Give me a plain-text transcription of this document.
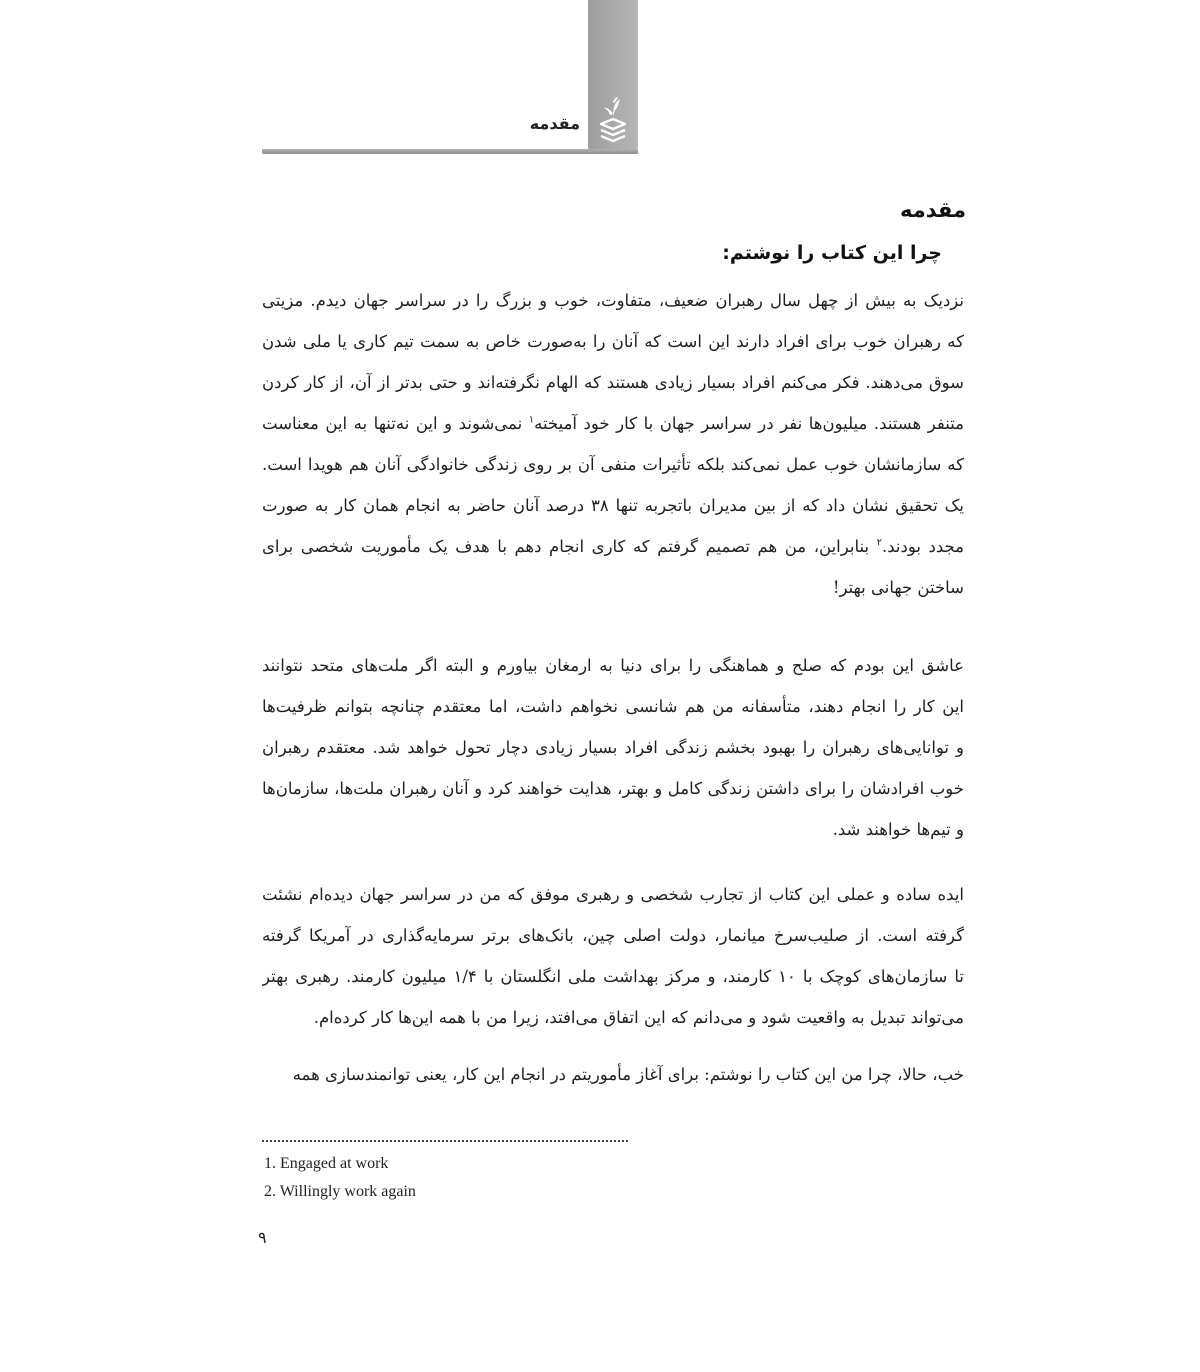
مقدمه
مقدمه
چرا این کتاب را نوشتم:
نزدیک به بیش از چهل سال رهبران ضعیف، متفاوت، خوب و بزرگ را در سراسر جهان دیدم. مزیتی
که رهبران خوب برای افراد دارند این است که آنان را به‌صورت خاص به سمت تیم کاری یا ملی شدن
سوق می‌دهند. فکر می‌کنم افراد بسیار زیادی هستند که الهام نگرفته‌اند و حتی بدتر از آن، از کار کردن
متنفر هستند. میلیون‌ها نفر در سراسر جهان با کار خود آمیخته$^۱$ نمی‌شوند و این نه‌تنها به این معناست
که سازمانشان خوب عمل نمی‌کند بلکه تأثیرات منفی آن بر روی زندگی خانوادگی آنان هم هویدا است.
یک تحقیق نشان داد که از بین مدیران باتجربه تنها ۳۸ درصد آنان حاضر به انجام همان کار به صورت
مجدد بودند.$^۲$ بنابراین، من هم تصمیم گرفتم که کاری انجام دهم با هدف یک مأموریت شخصی برای
ساختن جهانی بهتر!
عاشق این بودم که صلح و هماهنگی را برای دنیا به ارمغان بیاورم و البته اگر ملت‌های متحد نتوانند
این کار را انجام دهند، متأسفانه من هم شانسی نخواهم داشت، اما معتقدم چنانچه بتوانم ظرفیت‌ها
و توانایی‌های رهبران را بهبود بخشم زندگی افراد بسیار زیادی دچار تحول خواهد شد. معتقدم رهبران
خوب افرادشان را برای داشتن زندگی کامل و بهتر، هدایت خواهند کرد و آنان رهبران ملت‌ها، سازمان‌ها
و تیم‌ها خواهند شد.
ایده ساده و عملی این کتاب از تجارب شخصی و رهبری موفق که من در سراسر جهان دیده‌ام نشئت
گرفته است. از صلیب‌سرخ میانمار، دولت اصلی چین، بانک‌های برتر سرمایه‌گذاری در آمریکا گرفته
تا سازمان‌های کوچک با ۱۰ کارمند، و مرکز بهداشت ملی انگلستان با ۱/۴ میلیون کارمند. رهبری بهتر
می‌تواند تبدیل به واقعیت شود و می‌دانم که این اتفاق می‌افتد، زیرا من با همه این‌ها کار کرده‌ام.
خب، حالا، چرا من این کتاب را نوشتم: برای آغاز مأموریتم در انجام این کار، یعنی توانمندسازی همه
1. Engaged at work
2. Willingly work again
۹
